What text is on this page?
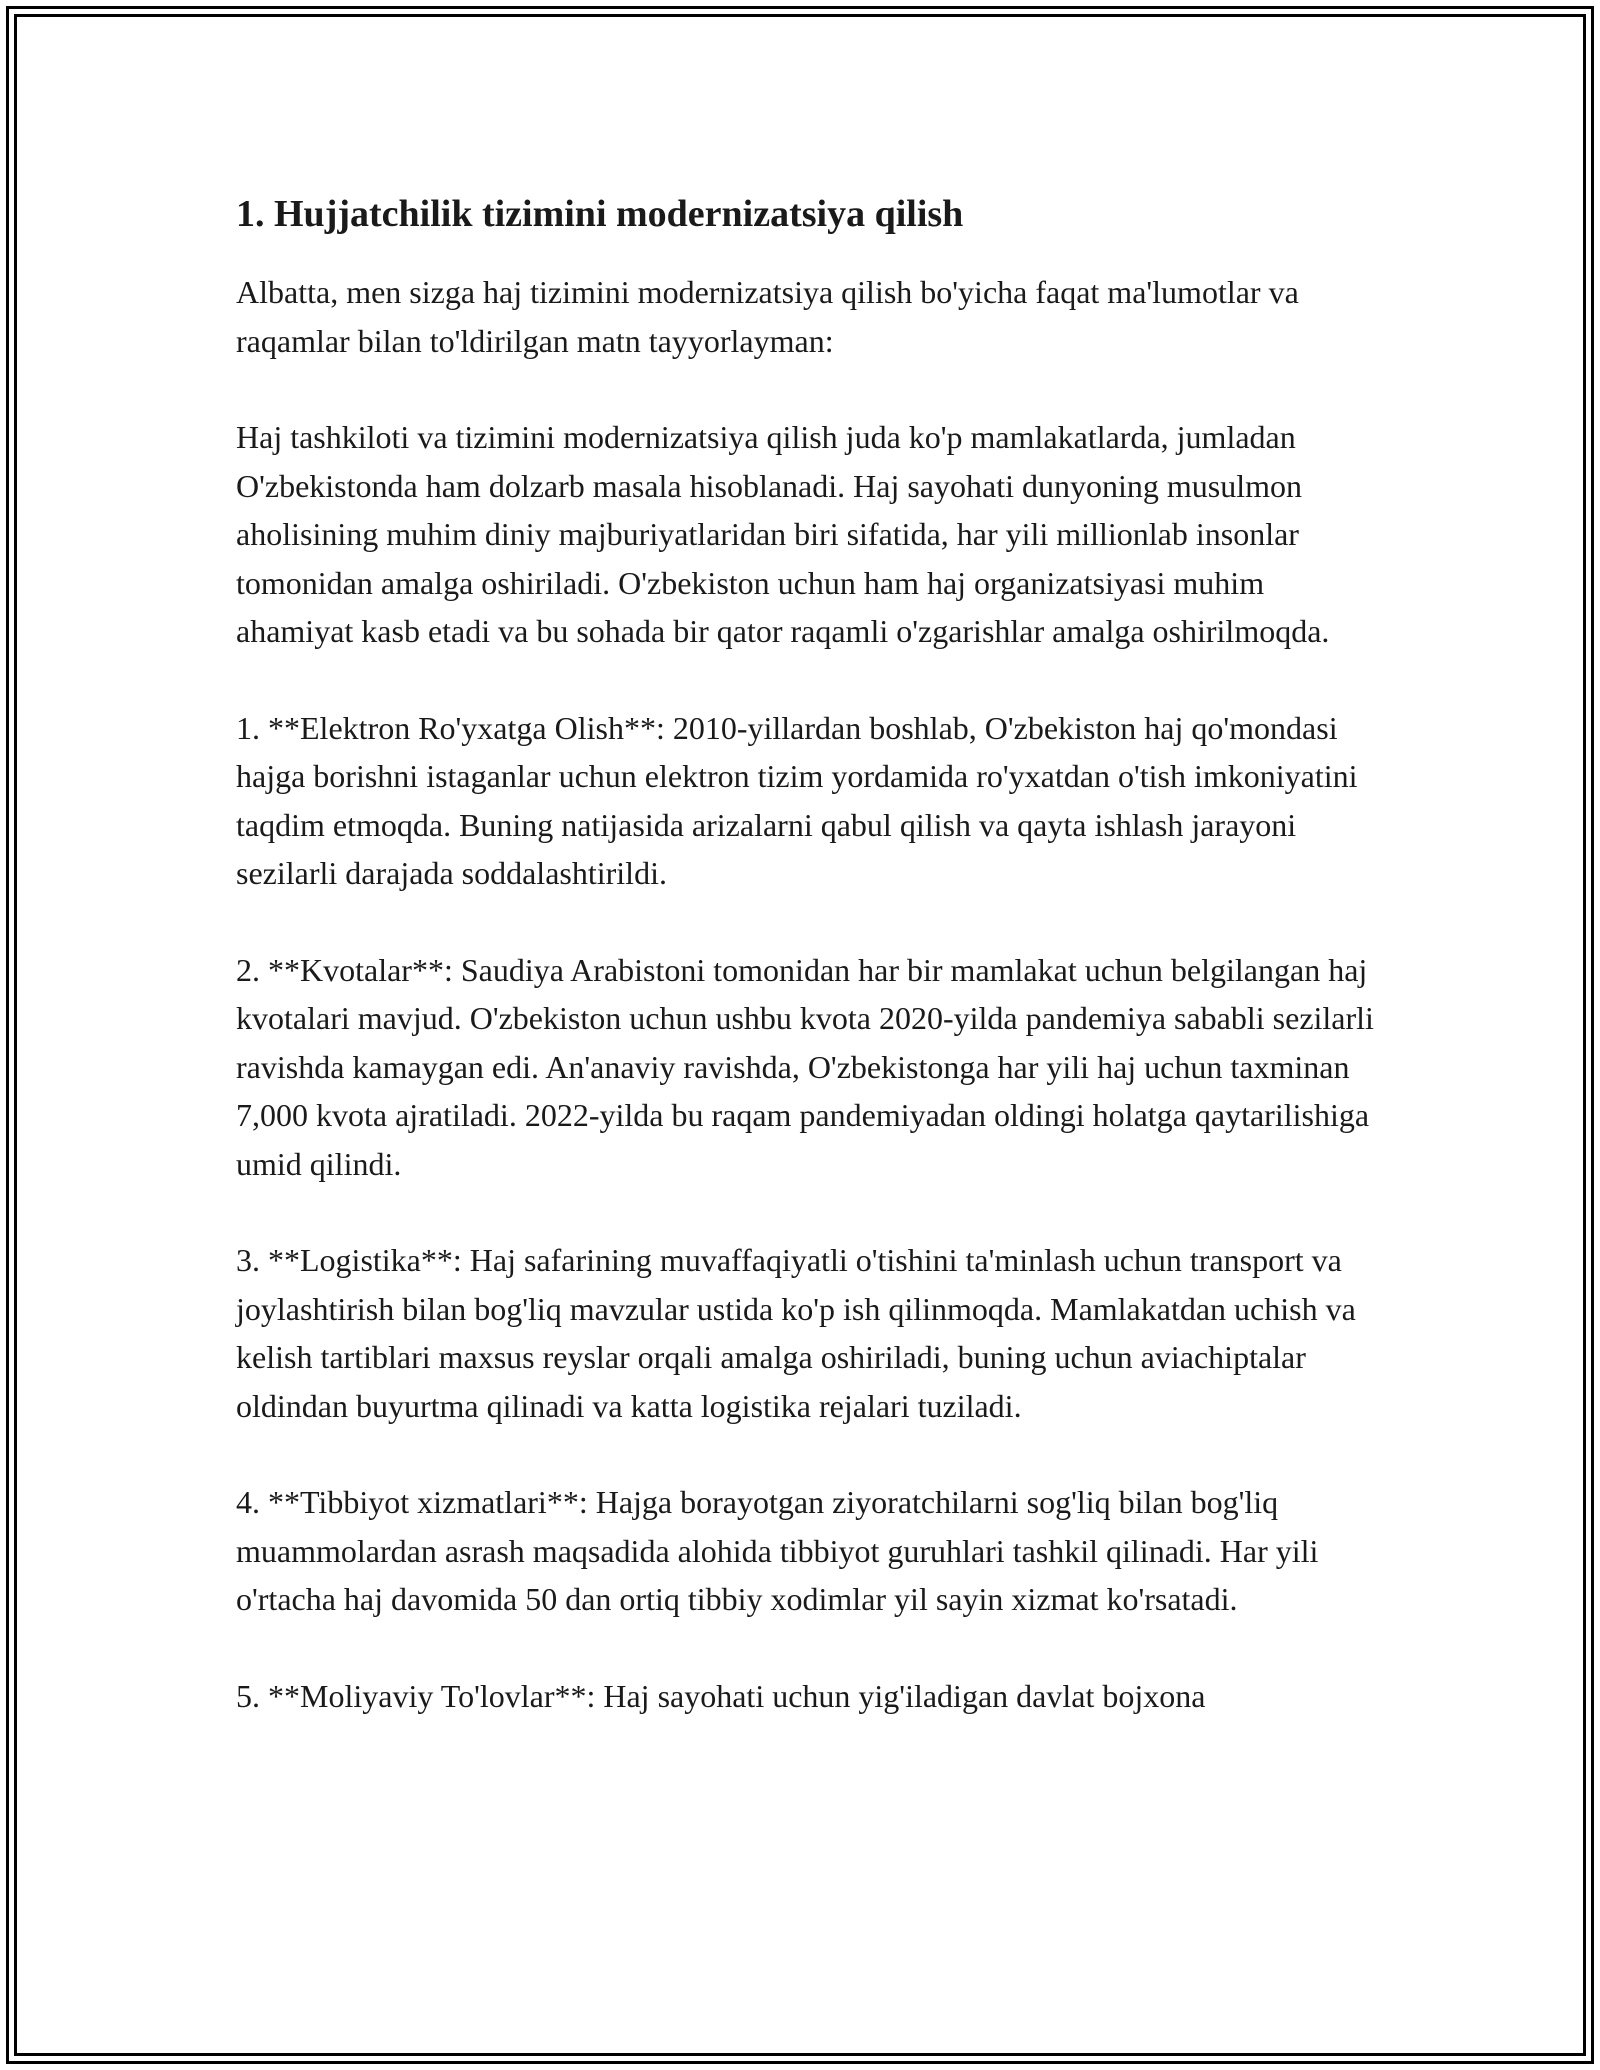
1. Hujjatchilik tizimini modernizatsiya qilish

Albatta, men sizga haj tizimini modernizatsiya qilish bo'yicha faqat ma'lumotlar va raqamlar bilan to'ldirilgan matn tayyorlayman:

Haj tashkiloti va tizimini modernizatsiya qilish juda ko'p mamlakatlarda, jumladan O'zbekistonda ham dolzarb masala hisoblanadi. Haj sayohati dunyoning musulmon aholisining muhim diniy majburiyatlaridan biri sifatida, har yili millionlab insonlar tomonidan amalga oshiriladi. O'zbekiston uchun ham haj organizatsiyasi muhim ahamiyat kasb etadi va bu sohada bir qator raqamli o'zgarishlar amalga oshirilmoqda.

1. **Elektron Ro'yxatga Olish**: 2010-yillardan boshlab, O'zbekiston haj qo'mondasi hajga borishni istaganlar uchun elektron tizim yordamida ro'yxatdan o'tish imkoniyatini taqdim etmoqda. Buning natijasida arizalarni qabul qilish va qayta ishlash jarayoni sezilarli darajada soddalashtirildi.

2. **Kvotalar**: Saudiya Arabistoni tomonidan har bir mamlakat uchun belgilangan haj kvotalari mavjud. O'zbekiston uchun ushbu kvota 2020-yilda pandemiya sababli sezilarli ravishda kamaygan edi. An'anaviy ravishda, O'zbekistonga har yili haj uchun taxminan 7,000 kvota ajratiladi. 2022-yilda bu raqam pandemiyadan oldingi holatga qaytarilishiga umid qilindi.

3. **Logistika**: Haj safarining muvaffaqiyatli o'tishini ta'minlash uchun transport va joylashtirish bilan bog'liq mavzular ustida ko'p ish qilinmoqda. Mamlakatdan uchish va kelish tartiblari maxsus reyslar orqali amalga oshiriladi, buning uchun aviachiptalar oldindan buyurtma qilinadi va katta logistika rejalari tuziladi.

4. **Tibbiyot xizmatlari**: Hajga borayotgan ziyoratchilarni sog'liq bilan bog'liq muammolardan asrash maqsadida alohida tibbiyot guruhlari tashkil qilinadi. Har yili o'rtacha haj davomida 50 dan ortiq tibbiy xodimlar yil sayin xizmat ko'rsatadi.

5. **Moliyaviy To'lovlar**: Haj sayohati uchun yig'iladigan davlat bojxona
